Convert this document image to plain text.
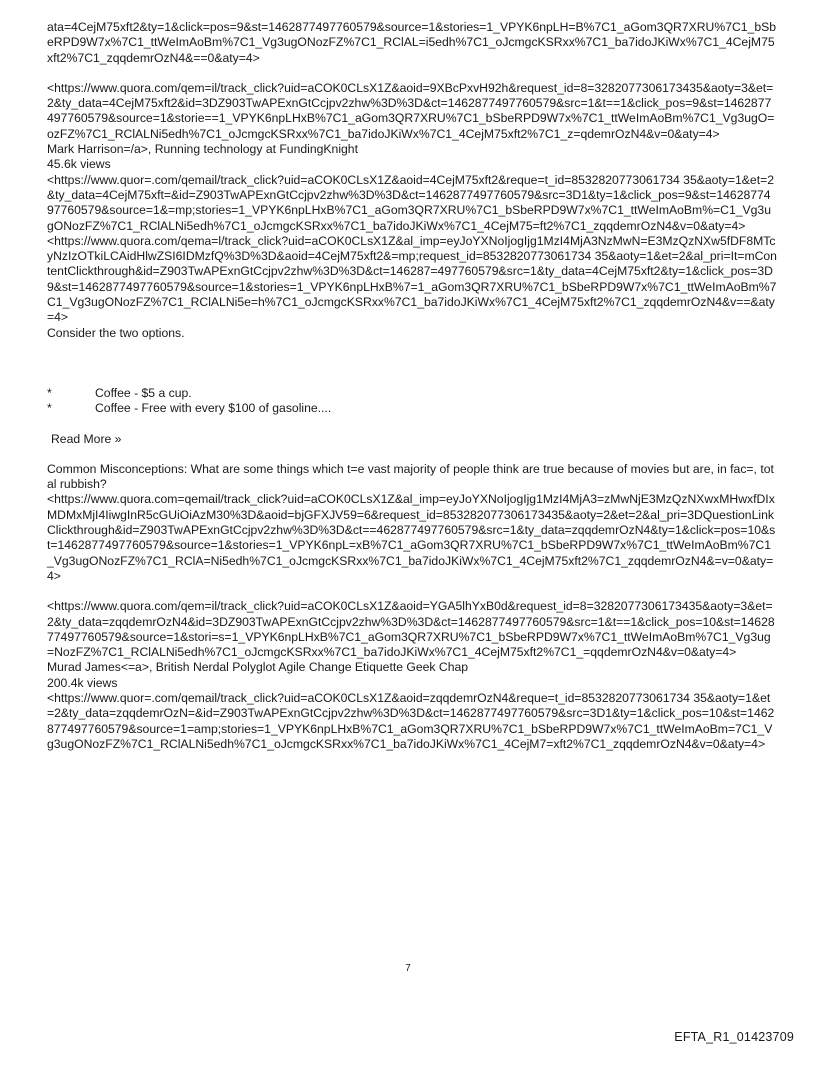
ata=4CejM75xft2&ty=1&click=pos=9&st=1462877497760579&source=1&stories=1_VPYK6npLH=B%7C1_aGom3QR7XRU%7C1_bSbeRPD9W7x%7C1_ttWeImAoBm%7C1_Vg3ugONozFZ%7C1_RClAL=i5edh%7C1_oJcmgcKSRxx%7C1_ba7idoJKiWx%7C1_4CejM75xft2%7C1_zqqdemrOzN4&==0&aty=4>

<https://www.quora.com/qem=il/track_click?uid=aCOK0CLsX1Z&aoid=9XBcPxvH92h&request_id=8=3282077306173435&aoty=3&et=2&ty_data=4CejM75xft2&id=3DZ903TwAPExnGtCcjpv2zhw%3D%3D&ct=1462877497760579&src=1&t==1&click_pos=9&st=1462877497760579&source=1&storie==1_VPYK6npLHxB%7C1_aGom3QR7XRU%7C1_bSbeRPD9W7x%7C1_ttWeImAoBm%7C1_Vg3ugO=ozFZ%7C1_RClALNi5edh%7C1_oJcmgcKSRxx%7C1_ba7idoJKiWx%7C1_4CejM75xft2%7C1_z=qdemrOzN4&v=0&aty=4>

Mark Harrison=/a>, Running technology at FundingKnight

45.6k views

<https://www.quor=.com/qemail/track_click?uid=aCOK0CLsX1Z&aoid=4CejM75xft2&reque=t_id=8532820773061734 35&aoty=1&et=2&ty_data=4CejM75xft=&id=Z903TwAPExnGtCcjpv2zhw%3D%3D&ct=1462877497760579&src=3D1&ty=1&click_pos=9&st=1462877497760579&source=1&=mp;stories=1_VPYK6npLHxB%7C1_aGom3QR7XRU%7C1_bSbeRPD9W7x%7C1_ttWeImAoBm%=C1_Vg3ugONozFZ%7C1_RClALNi5edh%7C1_oJcmgcKSRxx%7C1_ba7idoJKiWx%7C1_4CejM75=ft2%7C1_zqqdemrOzN4&v=0&aty=4>

<https://www.quora.com/qema=l/track_click?uid=aCOK0CLsX1Z&al_imp=eyJoYXNoIjogIjg1MzI4MjA3NzMwN=E3MzQzNXw5fDF8MTcyNzIzOTkiLCAidHlwZSI6IDMzfQ%3D%3D&aoid=4CejM75xft2&=mp;request_id=8532820773061734 35&aoty=1&et=2&al_pri=It=mContentClickthrough&id=Z903TwAPExnGtCcjpv2zhw%3D%3D&ct=146287=497760579&src=1&ty_data=4CejM75xft2&ty=1&click_pos=3D9&st=1462877497760579&source=1&stories=1_VPYK6npLHxB%7=1_aGom3QR7XRU%7C1_bSbeRPD9W7x%7C1_ttWeImAoBm%7C1_Vg3ugONozFZ%7C1_RClALNi5e=h%7C1_oJcmgcKSRxx%7C1_ba7idoJKiWx%7C1_4CejM75xft2%7C1_zqqdemrOzN4&v==&aty=4>

Consider the two options.

*	Coffee - $5 a cup.
*	Coffee - Free with every $100 of gasoline....

Read More »

Common Misconceptions: What are some things which t=e vast majority of people think are true because of movies but are, in fac=, total rubbish?

<https://www.quora.com=qemail/track_click?uid=aCOK0CLsX1Z&al_imp=eyJoYXNoIjogIjg1MzI4MjA3=zMwNjE3MzQzNXwxMHwxfDIxMDMxMjI4IiwgInR5cGUiOiAzM30%3D&aoid=bjGFXJV59=6&request_id=853282077306173435&aoty=2&et=2&al_pri=3DQuestionLinkClickthrough&id=Z903TwAPExnGtCcjpv2zhw%3D%3D&ct==462877497760579&src=1&ty_data=zqqdemrOzN4&ty=1&click=pos=10&st=1462877497760579&source=1&stories=1_VPYK6npL=xB%7C1_aGom3QR7XRU%7C1_bSbeRPD9W7x%7C1_ttWeImAoBm%7C1_Vg3ugONozFZ%7C1_RClA=Ni5edh%7C1_oJcmgcKSRxx%7C1_ba7idoJKiWx%7C1_4CejM75xft2%7C1_zqqdemrOzN4&=v=0&aty=4>

<https://www.quora.com/qem=il/track_click?uid=aCOK0CLsX1Z&aoid=YGA5lhYxB0d&request_id=8=3282077306173435&aoty=3&et=2&ty_data=zqqdemrOzN4&id=3DZ903TwAPExnGtCcjpv2zhw%3D%3D&ct=1462877497760579&src=1&t==1&click_pos=10&st=1462877497760579&source=1&stori=s=1_VPYK6npLHxB%7C1_aGom3QR7XRU%7C1_bSbeRPD9W7x%7C1_ttWeImAoBm%7C1_Vg3ug=NozFZ%7C1_RClALNi5edh%7C1_oJcmgcKSRxx%7C1_ba7idoJKiWx%7C1_4CejM75xft2%7C1_=qqdemrOzN4&v=0&aty=4>

Murad James<=a>, British Nerdal Polyglot Agile Change Etiquette Geek Chap

200.4k views

<https://www.quor=.com/qemail/track_click?uid=aCOK0CLsX1Z&aoid=zqqdemrOzN4&reque=t_id=8532820773061734 35&aoty=1&et=2&ty_data=zqqdemrOzN=&id=Z903TwAPExnGtCcjpv2zhw%3D%3D&ct=1462877497760579&src=3D1&ty=1&click_pos=10&st=1462877497760579&source=1=amp;stories=1_VPYK6npLHxB%7C1_aGom3QR7XRU%7C1_bSbeRPD9W7x%7C1_ttWeImAoBm=7C1_Vg3ugONozFZ%7C1_RClALNi5edh%7C1_oJcmgcKSRxx%7C1_ba7idoJKiWx%7C1_4CejM7=xft2%7C1_zqqdemrOzN4&v=0&aty=4>

7
EFTA_R1_01423709
